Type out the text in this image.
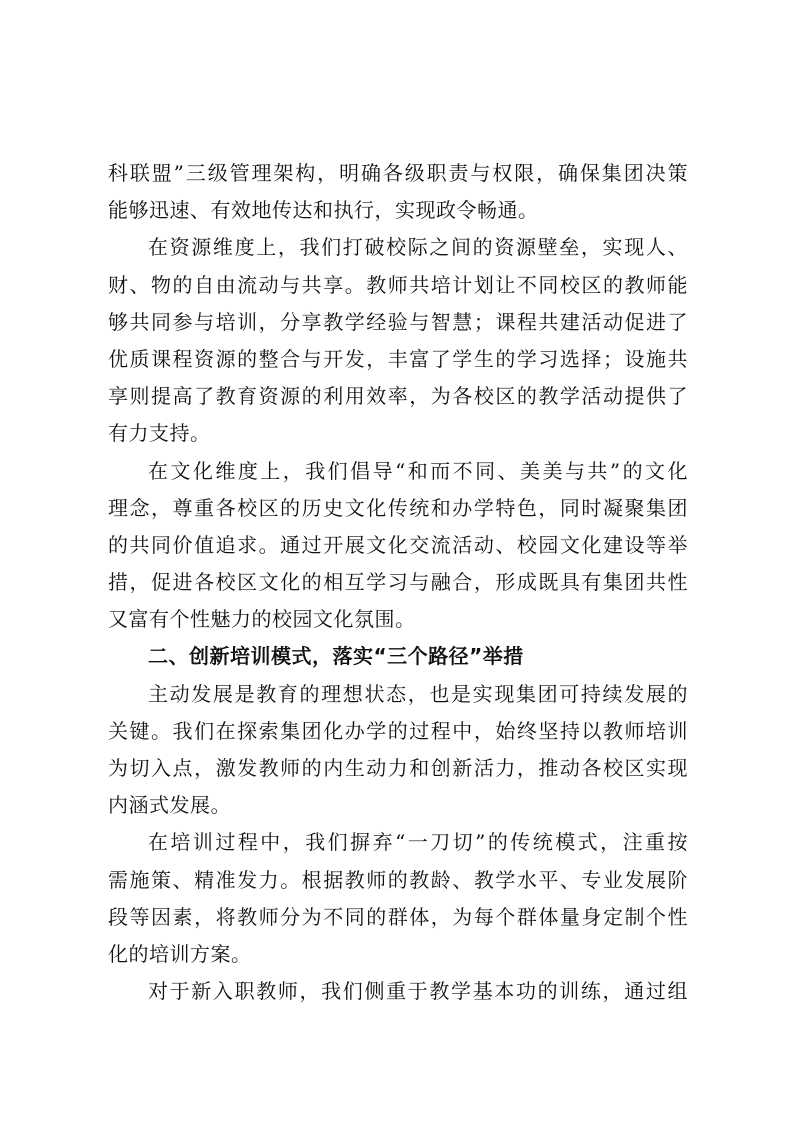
科联盟”三级管理架构，明确各级职责与权限，确保集团决策
能够迅速、有效地传达和执行，实现政令畅通。
在资源维度上，我们打破校际之间的资源壁垒，实现人、
财、物的自由流动与共享。教师共培计划让不同校区的教师能
够共同参与培训，分享教学经验与智慧；课程共建活动促进了
优质课程资源的整合与开发，丰富了学生的学习选择；设施共
享则提高了教育资源的利用效率，为各校区的教学活动提供了
有力支持。
在文化维度上，我们倡导“和而不同、美美与共”的文化
理念，尊重各校区的历史文化传统和办学特色，同时凝聚集团
的共同价值追求。通过开展文化交流活动、校园文化建设等举
措，促进各校区文化的相互学习与融合，形成既具有集团共性
又富有个性魅力的校园文化氛围。
二、创新培训模式，落实“三个路径”举措
主动发展是教育的理想状态，也是实现集团可持续发展的
关键。我们在探索集团化办学的过程中，始终坚持以教师培训
为切入点，激发教师的内生动力和创新活力，推动各校区实现
内涵式发展。
在培训过程中，我们摒弃“一刀切”的传统模式，注重按
需施策、精准发力。根据教师的教龄、教学水平、专业发展阶
段等因素，将教师分为不同的群体，为每个群体量身定制个性
化的培训方案。
对于新入职教师，我们侧重于教学基本功的训练，通过组
